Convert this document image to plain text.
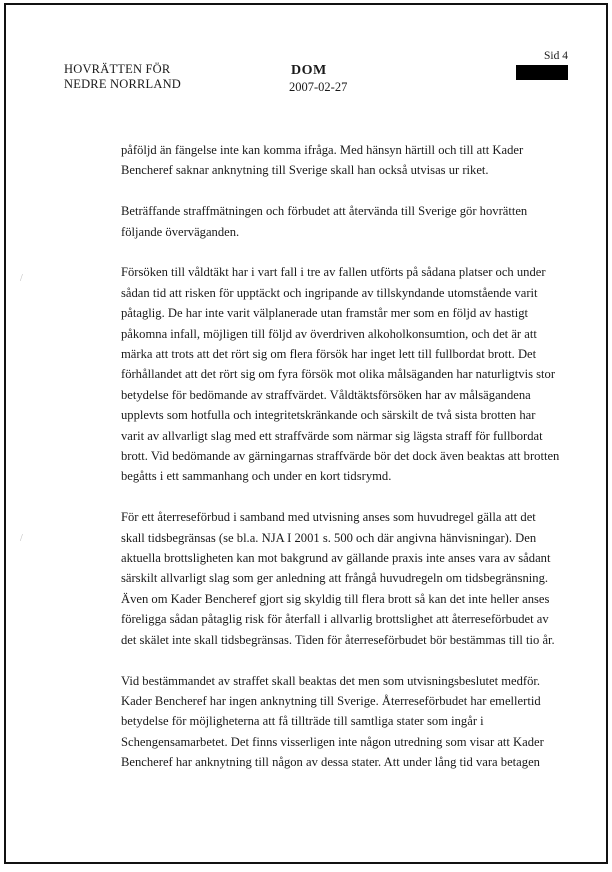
HOVRÄTTEN FÖR
NEDRE NORRLAND
DOM
2007-02-27
Sid 4
/
/

påföljd än fängelse inte kan komma ifråga. Med hänsyn härtill och till att Kader
Bencheref saknar anknytning till Sverige skall han också utvisas ur riket.

Beträffande straffmätningen och förbudet att återvända till Sverige gör hovrätten
följande överväganden.

Försöken till våldtäkt har i vart fall i tre av fallen utförts på sådana platser och under
sådan tid att risken för upptäckt och ingripande av tillskyndande utomstående varit
påtaglig. De har inte varit välplanerade utan framstår mer som en följd av hastigt
påkomna infall, möjligen till följd av överdriven alkoholkonsumtion, och det är att
märka att trots att det rört sig om flera försök har inget lett till fullbordat brott. Det
förhållandet att det rört sig om fyra försök mot olika målsäganden har naturligtvis stor
betydelse för bedömande av straffvärdet. Våldtäktsförsöken har av målsägandena
upplevts som hotfulla och integritetskränkande och särskilt de två sista brotten har
varit av allvarligt slag med ett straffvärde som närmar sig lägsta straff för fullbordat
brott. Vid bedömande av gärningarnas straffvärde bör det dock även beaktas att brotten
begåtts i ett sammanhang och under en kort tidsrymd.

För ett återreseförbud i samband med utvisning anses som huvudregel gälla att det
skall tidsbegränsas (se bl.a. NJA I 2001 s. 500 och där angivna hänvisningar). Den
aktuella brottsligheten kan mot bakgrund av gällande praxis inte anses vara av sådant
särskilt allvarligt slag som ger anledning att frångå huvudregeln om tidsbegränsning.
Även om Kader Bencheref gjort sig skyldig till flera brott så kan det inte heller anses
föreligga sådan påtaglig risk för återfall i allvarlig brottslighet att återreseförbudet av
det skälet inte skall tidsbegränsas. Tiden för återreseförbudet bör bestämmas till tio år.

Vid bestämmandet av straffet skall beaktas det men som utvisningsbeslutet medför.
Kader Bencheref har ingen anknytning till Sverige. Återreseförbudet har emellertid
betydelse för möjligheterna att få tillträde till samtliga stater som ingår i
Schengensamarbetet. Det finns visserligen inte någon utredning som visar att Kader
Bencheref har anknytning till någon av dessa stater. Att under lång tid vara betagen
